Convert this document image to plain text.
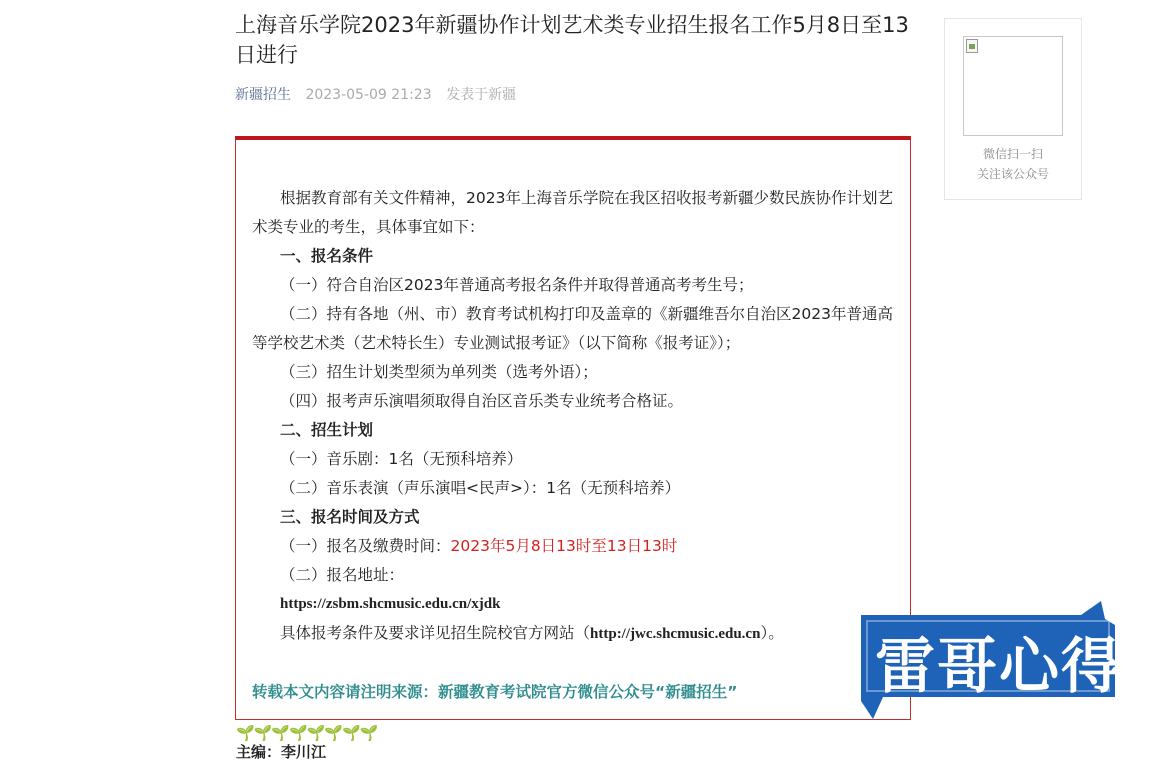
上海音乐学院2023年新疆协作计划艺术类专业招生报名工作5月8日至13日进行
新疆招生 2023-05-09 21:23 发表于新疆
微信扫一扫
关注该公众号

根据教育部有关文件精神，2023年上海音乐学院在我区招收报考新疆少数民族协作计划艺术类专业的考生，具体事宜如下：

一、报名条件

（一）符合自治区2023年普通高考报名条件并取得普通高考考生号；

（二）持有各地（州、市）教育考试机构打印及盖章的《新疆维吾尔自治区2023年普通高等学校艺术类（艺术特长生）专业测试报考证》（以下简称《报考证》）；

（三）招生计划类型须为单列类（选考外语）；

（四）报考声乐演唱须取得自治区音乐类专业统考合格证。

二、招生计划

（一）音乐剧：1名（无预科培养）

（二）音乐表演（声乐演唱<民声>）：1名（无预科培养）

三、报名时间及方式

（一）报名及缴费时间：2023年5月8日13时至13日13时

（二）报名地址：

https://zsbm.shcmusic.edu.cn/xjdk

具体报考条件及要求详见招生院校官方网站（http://jwc.shcmusic.edu.cn）。

转载本文内容请注明来源：新疆教育考试院官方微信公众号“新疆招生”
🌱🌱🌱🌱🌱🌱🌱🌱
主编：李川江
雷哥心得
